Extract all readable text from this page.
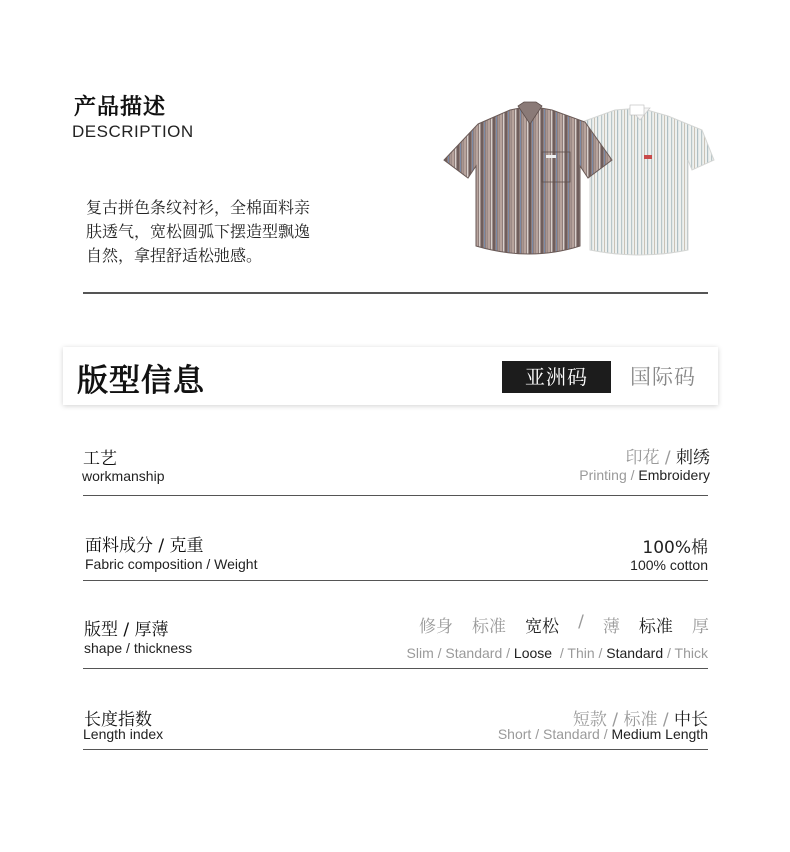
产品描述
DESCRIPTION
复古拼色条纹衬衫，全棉面料亲
肤透气，宽松圆弧下摆造型飘逸
自然，拿捏舒适松弛感。
版型信息	亚洲码	国际码
工艺
workmanship
印花 / 刺绣
Printing / Embroidery
面料成分 / 克重
Fabric composition / Weight
100%棉
100% cotton
版型 / 厚薄
shape / thickness
修身 标准 宽松 / 薄 标准 厚
Slim / Standard / Loose  / Thin / Standard / Thick
长度指数
Length index
短款 / 标准 / 中长
Short / Standard / Medium Length
